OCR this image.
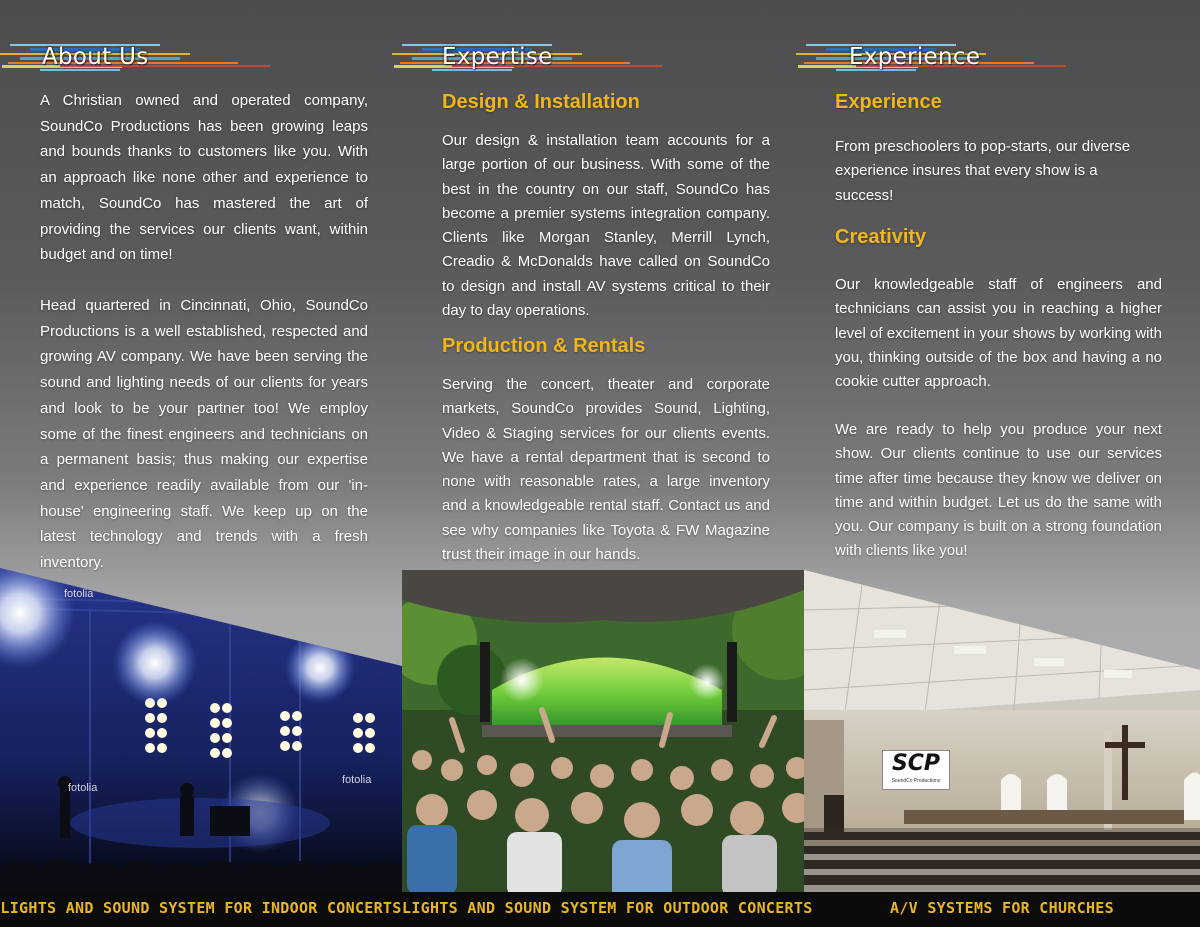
About Us
A Christian owned and operated company, SoundCo Productions has been growing leaps and bounds thanks to customers like you. With an approach like none other and experience to match, SoundCo has mastered the art of providing the services our clients want, within budget and on time!
Head quartered in Cincinnati, Ohio, SoundCo Productions is a well established, respected and growing AV company. We have been serving the sound and lighting needs of our clients for years and look to be your partner too! We employ some of the finest engineers and technicians on a permanent basis; thus making our expertise and experience readily available from our 'in-house' engineering staff. We keep up on the latest technology and trends with a fresh inventory.
fotolia
fotolia
fotolia
Expertise
Design & Installation
Our design & installation team accounts for a large portion of our business. With some of the best in the country on our staff, SoundCo has become a premier systems integration company. Clients like Morgan Stanley, Merrill Lynch, Creadio & McDonalds have called on SoundCo to design and install AV systems critical to their day to day operations.
Production & Rentals
Serving the concert, theater and corporate markets, SoundCo provides Sound, Lighting, Video & Staging services for our clients events. We have a rental department that is second to none with reasonable rates, a large inventory and a knowledgeable rental staff. Contact us and see why companies like Toyota & FW Magazine trust their image in our hands.
Experience
Experience
From preschoolers to pop-starts, our diverse experience insures that every show is a success!
Creativity
Our knowledgeable staff of engineers and technicians can assist you in reaching a higher level of excitement in your shows by working with you, thinking outside of the box and having a no cookie cutter approach.
We are ready to help you produce your next show. Our clients continue to use our services time after time because they know we deliver on time and within budget. Let us do the same with you. Our company is built on a strong foundation with clients like you!
SCP
SoundCo Productions
LIGHTS AND SOUND SYSTEM FOR INDOOR CONCERTS LIGHTS AND SOUND SYSTEM FOR OUTDOOR CONCERTS	A/V SYSTEMS FOR CHURCHES
